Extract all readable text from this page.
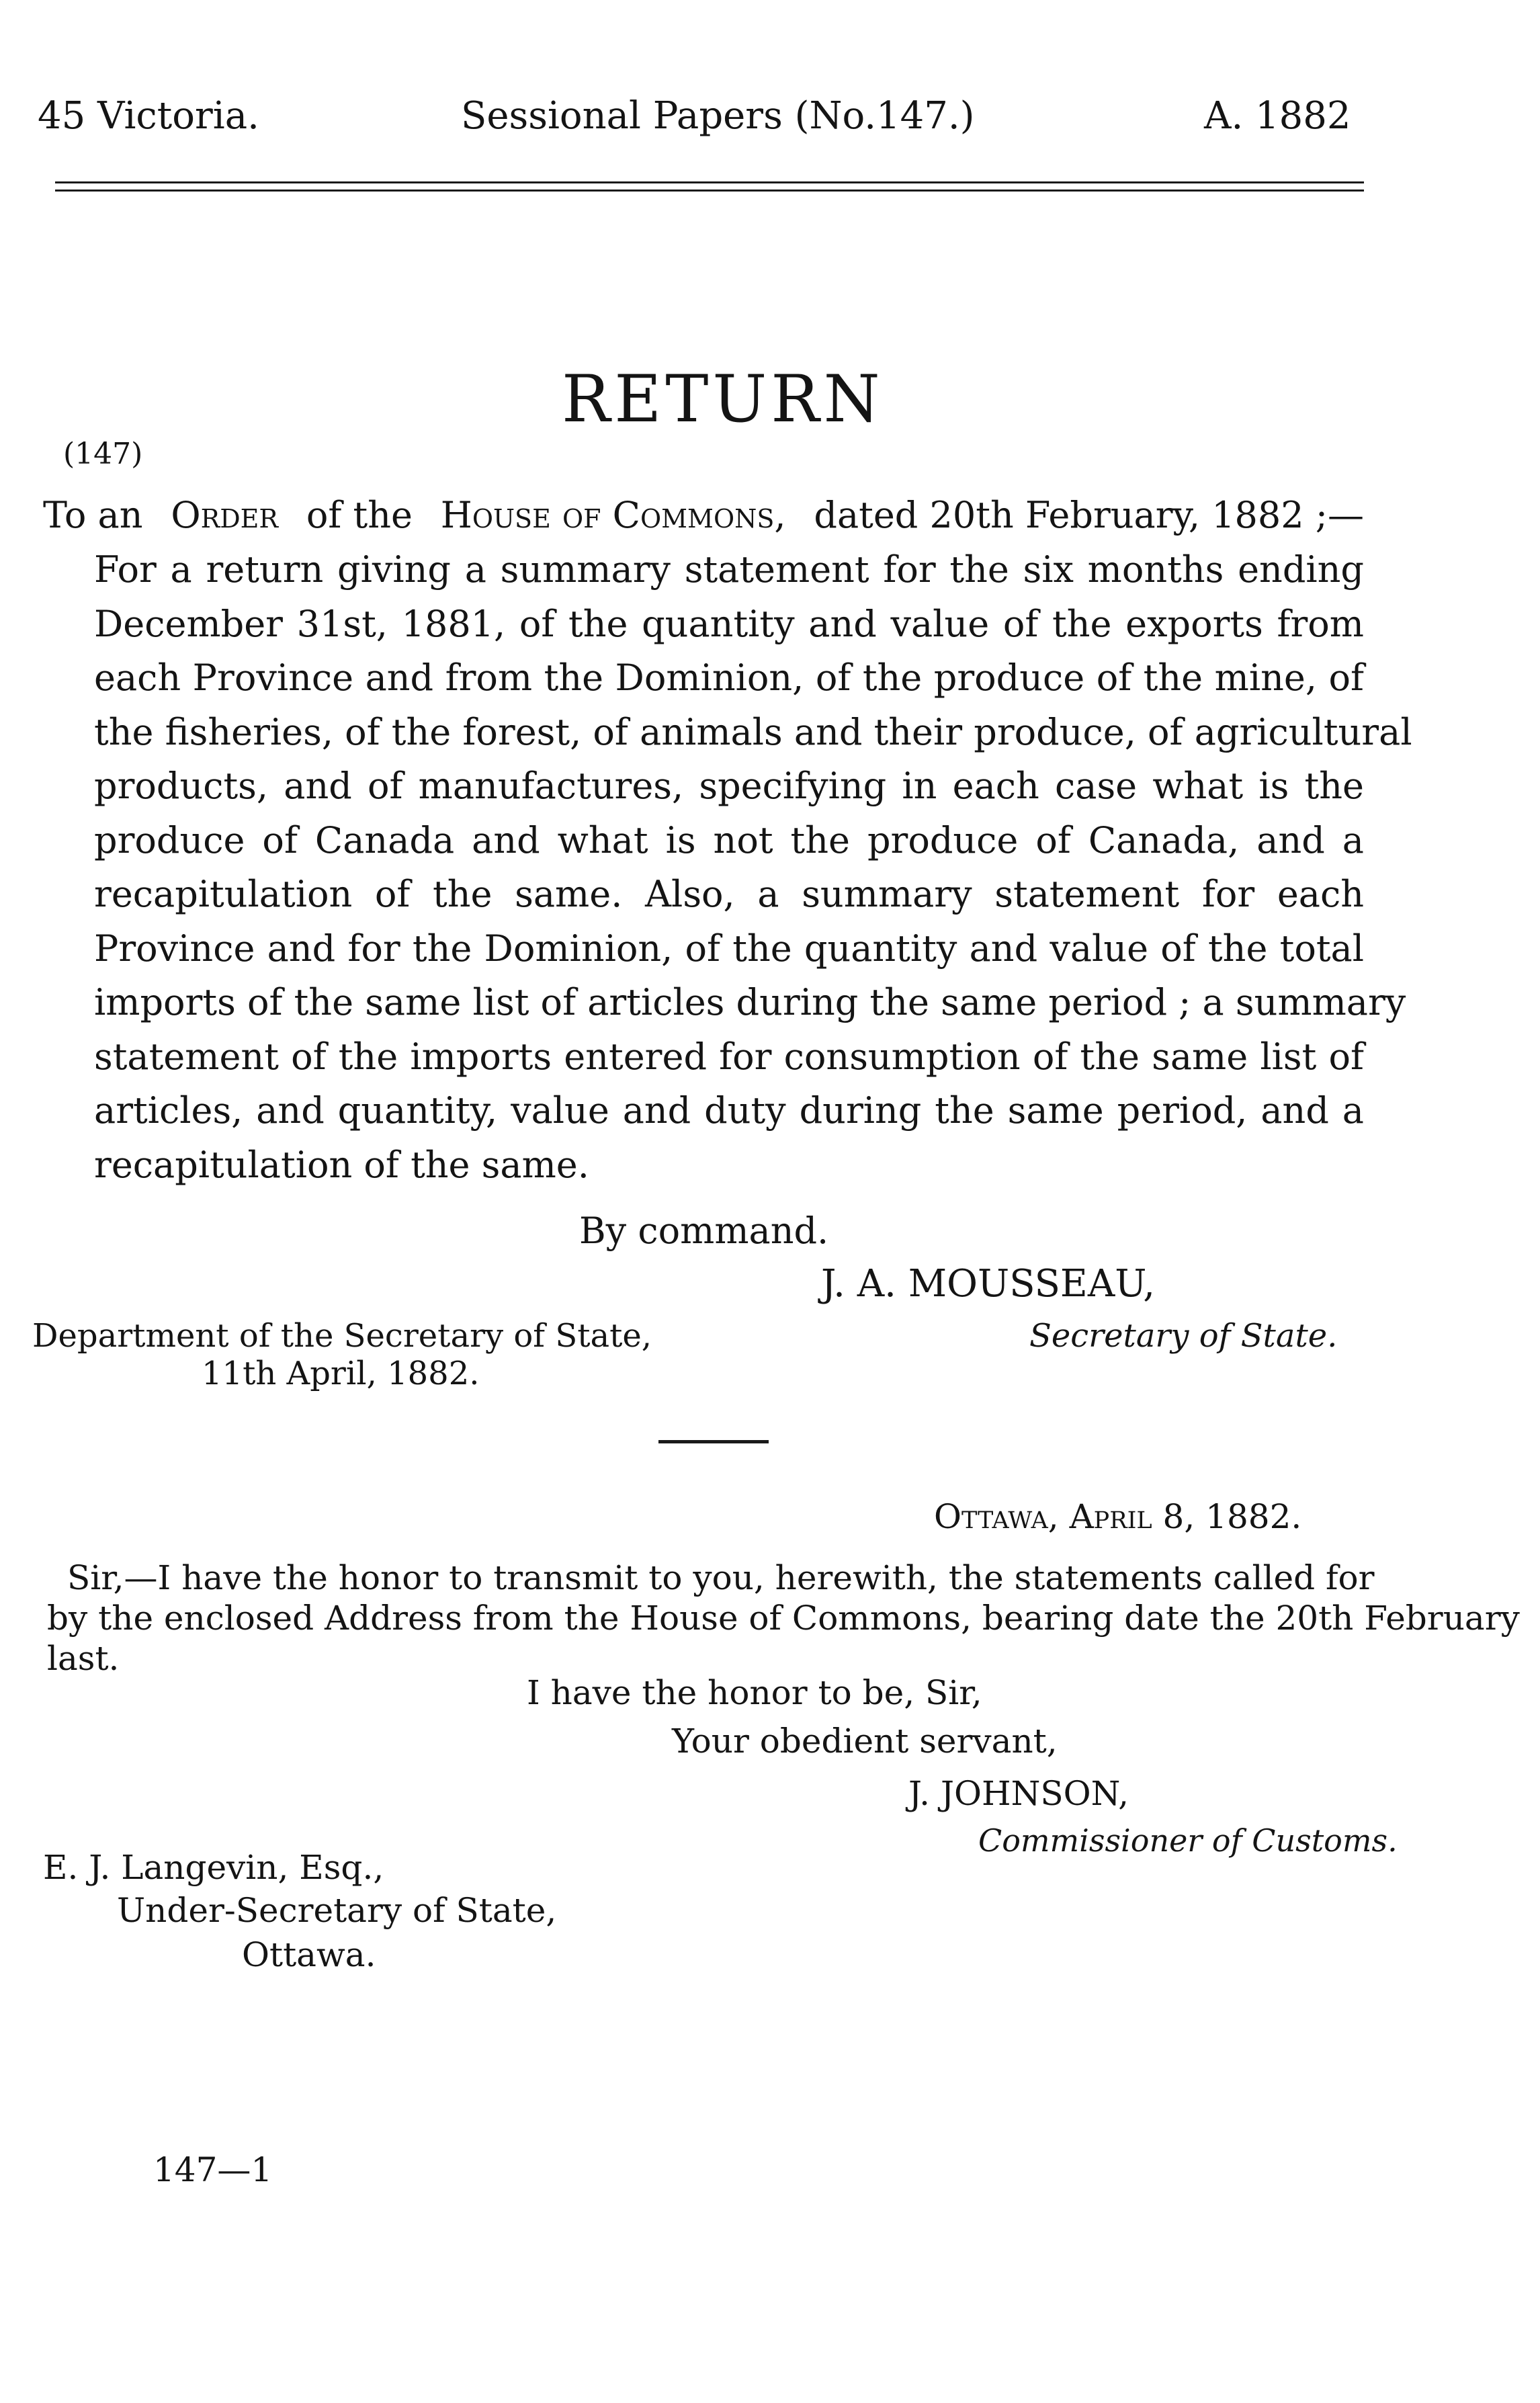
45 Victoria.	Sessional Papers (No.147.)	A. 1882
RETURN
(147)
To an Order of the House of Commons, dated 20th February, 1882 ;—
For a return giving a summary statement for the six months ending
December 31st, 1881, of the quantity and value of the exports from
each Province and from the Dominion, of the produce of the mine, of
the fisheries, of the forest, of animals and their produce, of agricultural
products, and of manufactures, specifying in each case what is the
produce of Canada and what is not the produce of Canada, and a
recapitulation of the same. Also, a summary statement for each
Province and for the Dominion, of the quantity and value of the total
imports of the same list of articles during the same period ; a summary
statement of the imports entered for consumption of the same list of
articles, and quantity, value and duty during the same period, and a
recapitulation of the same.
By command.
J. A. MOUSSEAU,
Secretary of State.
Department of the Secretary of State,
11th April, 1882.
Ottawa, April 8, 1882.
Sir,—I have the honor to transmit to you, herewith, the statements called for
by the enclosed Address from the House of Commons, bearing date the 20th February
last.
I have the honor to be, Sir,
Your obedient servant,
J. JOHNSON,
Commissioner of Customs.
E. J. Langevin, Esq.,
Under-Secretary of State,
Ottawa.
147—1
